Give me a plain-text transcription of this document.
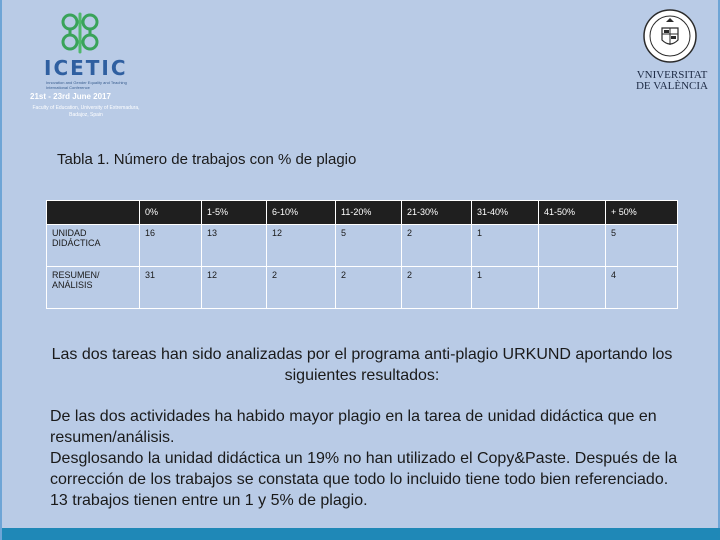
ICETIC
Innovation and Gender Equality and Teaching International Conference
21st - 23rd June 2017
Faculty of Education, University of Extremadura, Badajoz, Spain
VNIVERSITAT
DE VALÈNCIA
Tabla 1. Número de trabajos con % de plagio
	0%	1-5%	6-10%	11-20%	21-30%	31-40%	41-50%	+ 50%
UNIDAD DIDÁCTICA	16	13	12	5	2	1		5
RESUMEN/ ANÁLISIS	31	12	2	2	2	1		4
Las dos tareas han sido analizadas por el programa anti-plagio URKUND aportando los siguientes resultados:

De las dos actividades ha habido mayor plagio en la tarea de unidad didáctica que en resumen/análisis.

Desglosando la unidad didáctica un 19% no han utilizado el Copy&Paste. Después de la corrección de los trabajos se constata que todo lo incluido tiene todo bien referenciado. 13 trabajos tienen entre un 1 y 5% de plagio.
